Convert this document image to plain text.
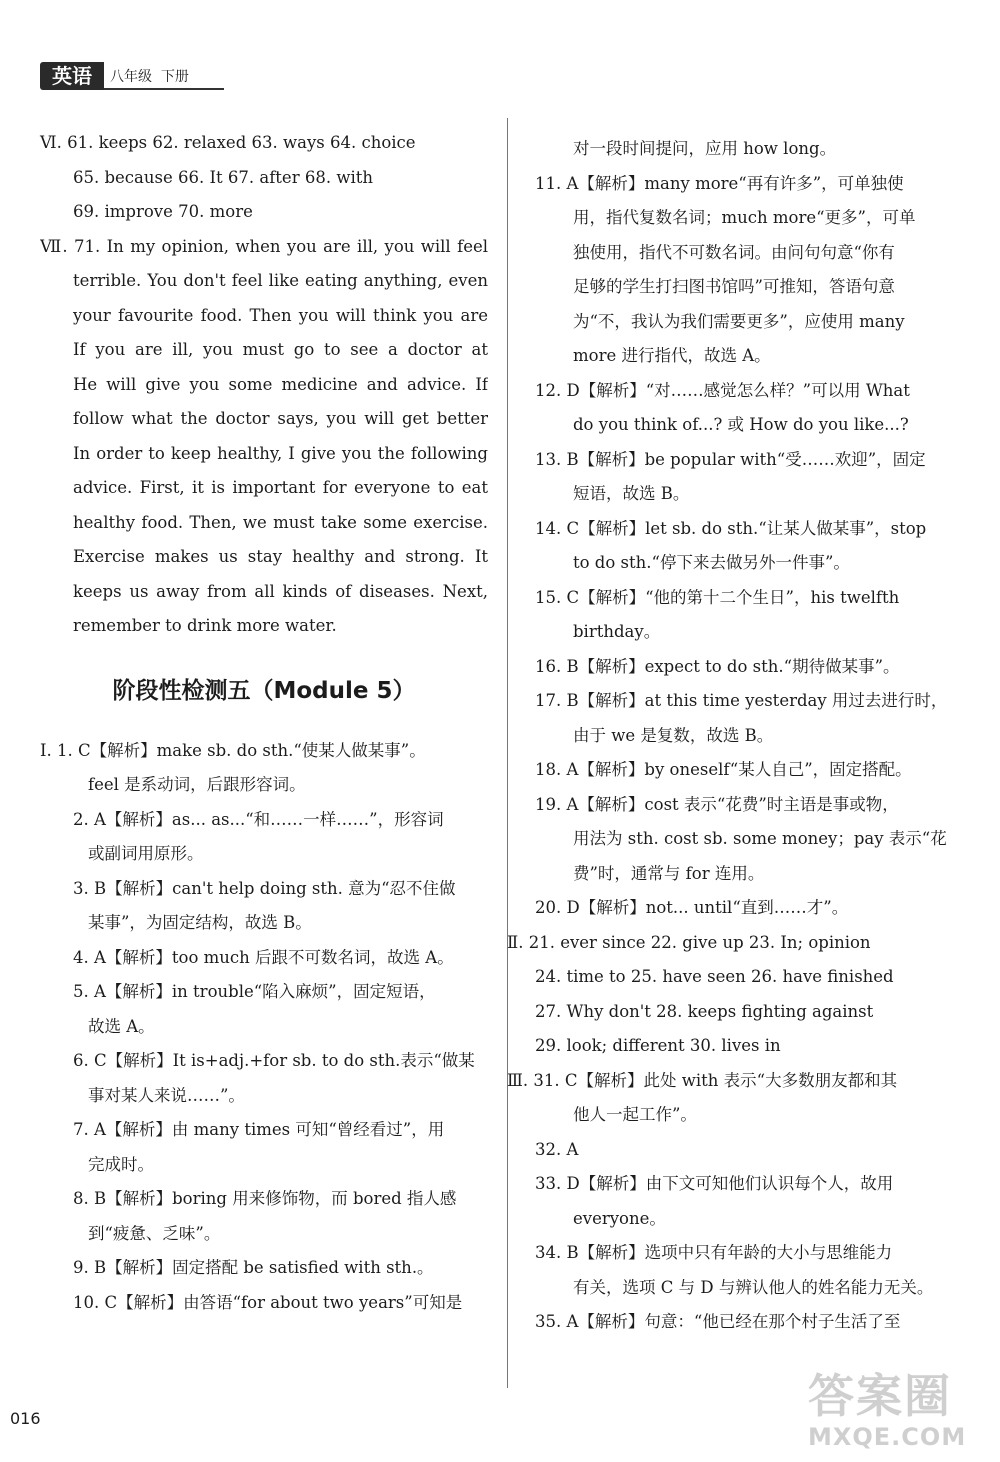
英语	八年级  下册
Ⅵ. 61. keeps 62. relaxed 63. ways 64. choice
65. because 66. It 67. after 68. with
69. improve 70. more
Ⅶ. 71. In my opinion, when you are ill, you will feel
terrible. You don't feel like eating anything, even
your favourite food. Then you will think you are
If you are ill, you must go to see a doctor at
He will give you some medicine and advice. If
follow what the doctor says, you will get better
In order to keep healthy, I give you the following
advice. First, it is important for everyone to eat
healthy food. Then, we must take some exercise.
Exercise makes us stay healthy and strong. It
keeps us away from all kinds of diseases. Next,
remember to drink more water.
阶段性检测五（Module 5）
Ⅰ. 1. C【解析】make sb. do sth.“使某人做某事”。
feel 是系动词，后跟形容词。
2. A【解析】as... as...“和……一样……”，形容词
或副词用原形。
3. B【解析】can't help doing sth. 意为“忍不住做
某事”，为固定结构，故选 B。
4. A【解析】too much 后跟不可数名词，故选 A。
5. A【解析】in trouble“陷入麻烦”，固定短语，
故选 A。
6. C【解析】It is+adj.+for sb. to do sth.表示“做某
事对某人来说……”。
7. A【解析】由 many times 可知“曾经看过”，用
完成时。
8. B【解析】boring 用来修饰物，而 bored 指人感
到“疲惫、乏味”。
9. B【解析】固定搭配 be satisfied with sth.。
10. C【解析】由答语“for about two years”可知是
对一段时间提问，应用 how long。
11. A【解析】many more“再有许多”，可单独使
用，指代复数名词；much more“更多”，可单
独使用，指代不可数名词。由问句句意“你有
足够的学生打扫图书馆吗”可推知，答语句意
为“不，我认为我们需要更多”，应使用 many
more 进行指代，故选 A。
12. D【解析】“对……感觉怎么样？”可以用 What
do you think of...? 或 How do you like...?
13. B【解析】be popular with“受……欢迎”，固定
短语，故选 B。
14. C【解析】let sb. do sth.“让某人做某事”，stop
to do sth.“停下来去做另外一件事”。
15. C【解析】“他的第十二个生日”，his twelfth
birthday。
16. B【解析】expect to do sth.“期待做某事”。
17. B【解析】at this time yesterday 用过去进行时，
由于 we 是复数，故选 B。
18. A【解析】by oneself“某人自己”，固定搭配。
19. A【解析】cost 表示“花费”时主语是事或物，
用法为 sth. cost sb. some money；pay 表示“花
费”时，通常与 for 连用。
20. D【解析】not... until“直到……才”。
Ⅱ. 21. ever since 22. give up 23. In; opinion
24. time to 25. have seen 26. have finished
27. Why don't 28. keeps fighting against
29. look; different 30. lives in
Ⅲ. 31. C【解析】此处 with 表示“大多数朋友都和其
他人一起工作”。
32. A
33. D【解析】由下文可知他们认识每个人，故用
everyone。
34. B【解析】选项中只有年龄的大小与思维能力
有关，选项 C 与 D 与辨认他人的姓名能力无关。
35. A【解析】句意：“他已经在那个村子生活了至
016	答案圈
MXQE.COM
